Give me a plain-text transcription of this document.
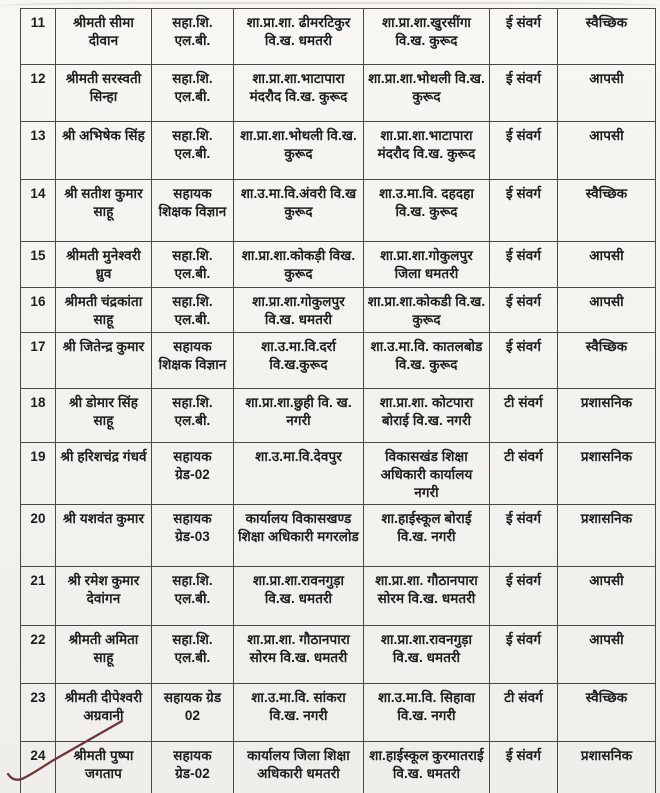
11	श्रीमती सीमा दीवान	सहा.शि. एल.बी.	शा.प्रा.शा. ढीमरटिकुर वि.ख. धमतरी	शा.प्रा.शा.खुरसींगा वि.ख. कुरूद	ई संवर्ग	स्वैच्छिक
12	श्रीमती सरस्वती सिन्हा	सहा.शि. एल.बी.	शा.प्रा.शा.भाटापारा मंदरौद वि.ख. कुरूद	शा.प्रा.शा.भोथली वि.ख. कुरूद	ई संवर्ग	आपसी
13	श्री अभिषेक सिंह	सहा.शि. एल.बी.	शा.प्रा.शा.भोथली वि.ख. कुरूद	शा.प्रा.शा.भाटापारा मंदरौद वि.ख. कुरूद	ई संवर्ग	आपसी
14	श्री सतीश कुमार साहू	सहायक शिक्षक विज्ञान	शा.उ.मा.वि.अंवरी वि.ख कुरूद	शा.उ.मा.वि. दहदहा वि.ख. कुरूद	ई संवर्ग	स्वैच्छिक
15	श्रीमती मुनेश्वरी ध्रुव	सहा.शि. एल.बी.	शा.प्रा.शा.कोकड़ी विख. कुरूद	शा.प्रा.शा.गोकुलपुर जिला धमतरी	ई संवर्ग	आपसी
16	श्रीमती चंद्रकांता साहू	सहा.शि. एल.बी.	शा.प्रा.शा.गोकुलपुर वि.ख. धमतरी	शा.प्रा.शा.कोकडी वि.ख. कुरूद	ई संवर्ग	आपसी
17	श्री जितेन्द्र कुमार	सहायक शिक्षक विज्ञान	शा.उ.मा.वि.दर्रा वि.ख.कुरूद	शा.उ.मा.वि. कातलबोड वि.ख. कुरूद	ई संवर्ग	स्वैच्छिक
18	श्री डोमार सिंह साहू	सहा.शि. एल.बी.	शा.प्रा.शा.छुही वि. ख. नगरी	शा.प्रा.शा. कोटपारा बोराई वि.ख. नगरी	टी संवर्ग	प्रशासनिक
19	श्री हरिशचंद्र गंधर्व	सहायक ग्रेड-02	शा.उ.मा.वि.देवपुर	विकासखंड शिक्षा अधिकारी कार्यालय नगरी	टी संवर्ग	प्रशासनिक
20	श्री यशवंत कुमार	सहायक ग्रेड-03	कार्यालय विकासखण्ड शिक्षा अधिकारी मगरलोड	शा.हाईस्कूल बोराई वि.ख. नगरी	ई संवर्ग	प्रशासनिक
21	श्री रमेश कुमार देवांगन	सहा.शि. एल.बी.	शा.प्रा.शा.रावनगुड़ा वि.ख. धमतरी	शा.प्रा.शा. गौठानपारा सोरम वि.ख. धमतरी	ई संवर्ग	आपसी
22	श्रीमती अमिता साहू	सहा.शि. एल.बी.	शा.प्रा.शा. गौठानपारा सोरम वि.ख. धमतरी	शा.प्रा.शा.रावनगुड़ा वि.ख. धमतरी	ई संवर्ग	आपसी
23	श्रीमती दीपेश्वरी अग्रवानी	सहायक ग्रेड 02	शा.उ.मा.वि. सांकरा वि.ख. नगरी	शा.उ.मा.वि. सिहावा वि.ख. नगरी	टी संवर्ग	स्वैच्छिक
24	श्रीमती पुष्पा जगताप	सहायक ग्रेड-02	कार्यालय जिला शिक्षा अधिकारी धमतरी	शा.हाईस्कूल कुरमातराई वि.ख. धमतरी	ई संवर्ग	प्रशासनिक
